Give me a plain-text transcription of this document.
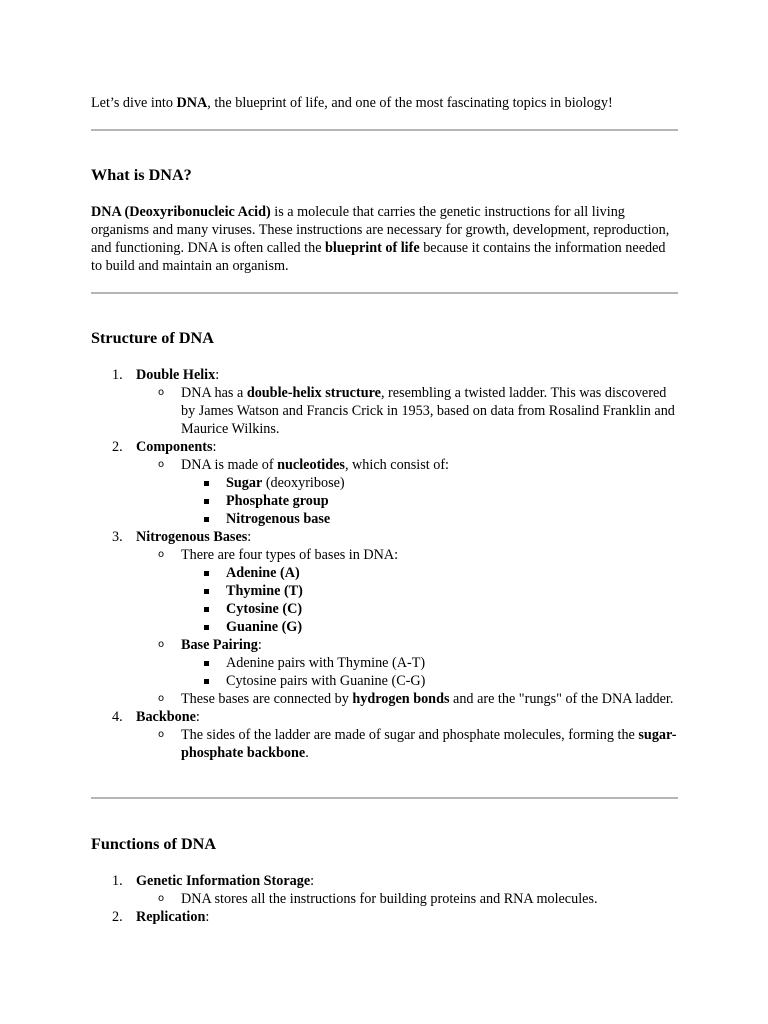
Let’s dive into DNA, the blueprint of life, and one of the most fascinating topics in biology!

What is DNA?

DNA (Deoxyribonucleic Acid) is a molecule that carries the genetic instructions for all living organisms and many viruses. These instructions are necessary for growth, development, reproduction, and functioning. DNA is often called the blueprint of life because it contains the information needed to build and maintain an organism.

Structure of DNA
1. Double Helix:
o DNA has a double-helix structure, resembling a twisted ladder. This was discovered by James Watson and Francis Crick in 1953, based on data from Rosalind Franklin and Maurice Wilkins.
2. Components:
o DNA is made of nucleotides, which consist of:
Sugar (deoxyribose)
Phosphate group
Nitrogenous base
3. Nitrogenous Bases:
o There are four types of bases in DNA:
Adenine (A)
Thymine (T)
Cytosine (C)
Guanine (G)
o Base Pairing:
Adenine pairs with Thymine (A-T)
Cytosine pairs with Guanine (C-G)
o These bases are connected by hydrogen bonds and are the "rungs" of the DNA ladder.
4. Backbone:
o The sides of the ladder are made of sugar and phosphate molecules, forming the sugar-phosphate backbone.
Functions of DNA
1. Genetic Information Storage:
o DNA stores all the instructions for building proteins and RNA molecules.
2. Replication:
